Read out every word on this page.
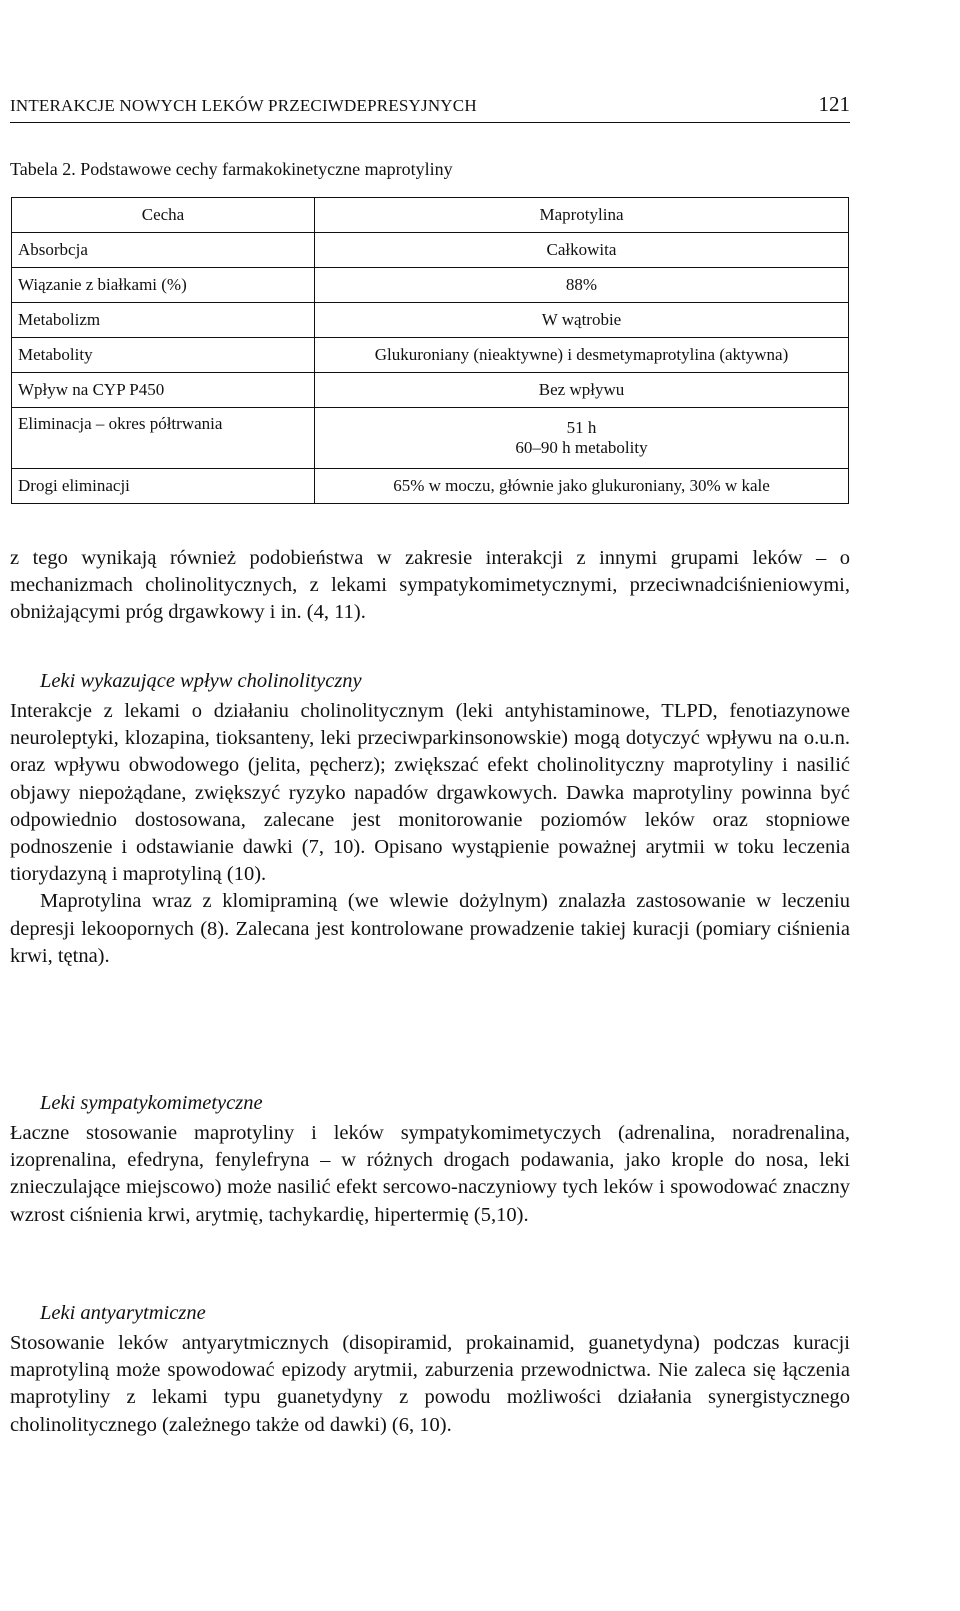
INTERAKCJE NOWYCH LEKÓW PRZECIWDEPRESYJNYCH	121
Tabela 2. Podstawowe cechy farmakokinetyczne maprotyliny
Cecha	Maprotylina
Absorbcja	Całkowita
Wiązanie z białkami (%)	88%
Metabolizm	W wątrobie
Metabolity	Glukuroniany (nieaktywne) i desmetymaprotylina (aktywna)
Wpływ na CYP P450	Bez wpływu
Eliminacja – okres półtrwania	51 h
60–90 h metabolity

Drogi eliminacji	65% w moczu, głównie jako glukuroniany, 30% w kale

z tego wynikają również podobieństwa w zakresie interakcji z innymi grupami leków – o mechanizmach cholinolitycznych, z lekami sympatykomimetycznymi, przeciwnadciśnieniowymi, obniżającymi próg drgawkowy i in. (4, 11).

Leki wykazujące wpływ cholinolityczny

Interakcje z lekami o działaniu cholinolitycznym (leki antyhistaminowe, TLPD, fenotiazynowe neuroleptyki, klozapina, tioksanteny, leki przeciwparkinsonowskie) mogą dotyczyć wpływu na o.u.n. oraz wpływu obwodowego (jelita, pęcherz); zwiększać efekt cholinolityczny maprotyliny i nasilić objawy niepożądane, zwiększyć ryzyko napadów drgawkowych. Dawka maprotyliny powinna być odpowiednio dostosowana, zalecane jest monitorowanie poziomów leków oraz stopniowe podnoszenie i odstawianie dawki (7, 10). Opisano wystąpienie poważnej arytmii w toku leczenia tiorydazyną i maprotyliną (10).

Maprotylina wraz z klomipraminą (we wlewie dożylnym) znalazła zastosowanie w leczeniu depresji lekoopornych (8). Zalecana jest kontrolowane prowadzenie takiej kuracji (pomiary ciśnienia krwi, tętna).

Leki sympatykomimetyczne

Łaczne stosowanie maprotyliny i leków sympatykomimetyczych (adrenalina, noradrenalina, izoprenalina, efedryna, fenylefryna – w różnych drogach podawania, jako krople do nosa, leki znieczulające miejscowo) może nasilić efekt sercowo-naczyniowy tych leków i spowodować znaczny wzrost ciśnienia krwi, arytmię, tachykardię, hipertermię (5,10).

Leki antyarytmiczne

Stosowanie leków antyarytmicznych (disopiramid, prokainamid, guanetydyna) podczas kuracji maprotyliną może spowodować epizody arytmii, zaburzenia przewodnictwa. Nie zaleca się łączenia maprotyliny z lekami typu guanetydyny z powodu możliwości działania synergistycznego cholinolitycznego (zależnego także od dawki) (6, 10).
